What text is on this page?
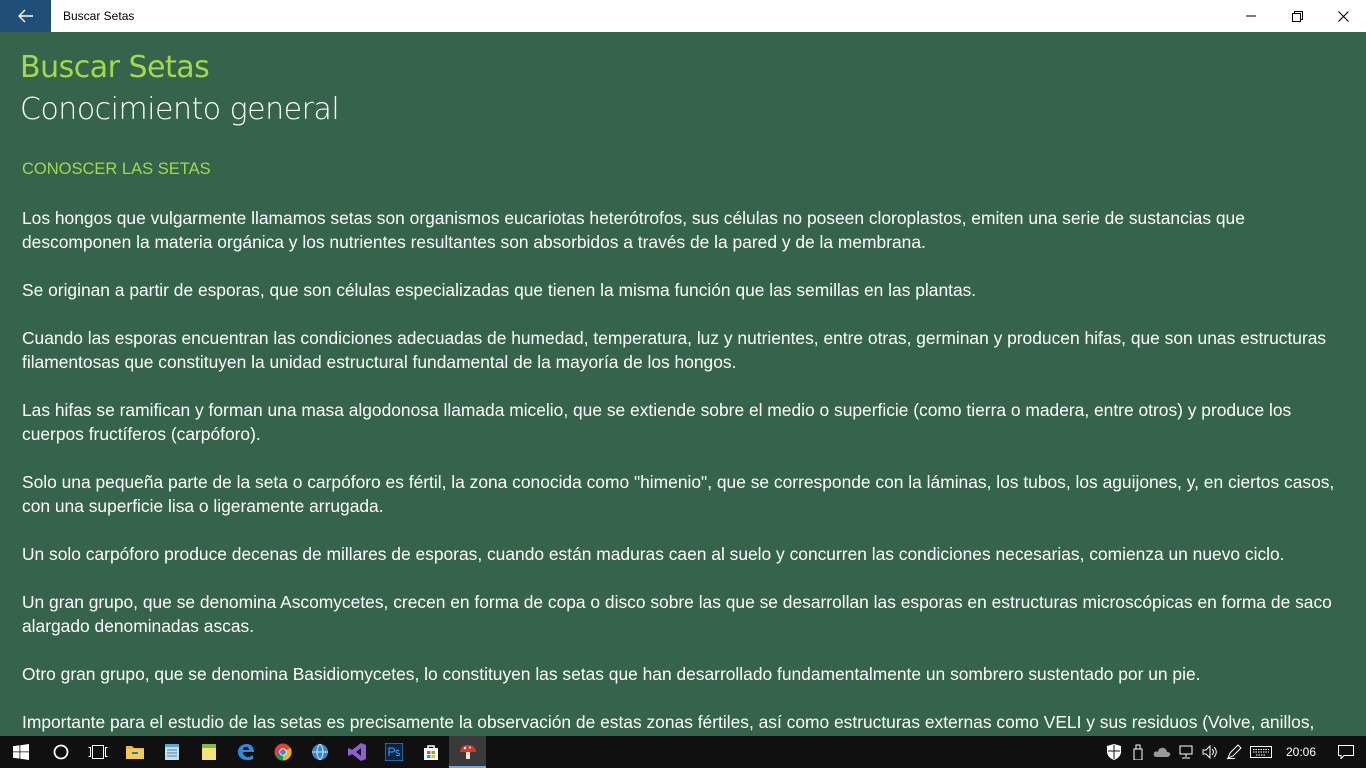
Buscar Setas
Buscar Setas
Conocimiento general
CONOSCER LAS SETAS

Los hongos que vulgarmente llamamos setas son organismos eucariotas heterótrofos, sus células no poseen cloroplastos, emiten una serie de sustancias que descomponen la materia orgánica y los nutrientes resultantes son absorbidos a través de la pared y de la membrana.

Se originan a partir de esporas, que son células especializadas que tienen la misma función que las semillas en las plantas.

Cuando las esporas encuentran las condiciones adecuadas de humedad, temperatura, luz y nutrientes, entre otras, germinan y producen hifas, que son unas estructuras filamentosas que constituyen la unidad estructural fundamental de la mayoría de los hongos.

Las hifas se ramifican y forman una masa algodonosa llamada micelio, que se extiende sobre el medio o superficie (como tierra o madera, entre otros) y produce los cuerpos fructíferos (carpóforo).

Solo una pequeña parte de la seta o carpóforo es fértil, la zona conocida como "himenio", que se corresponde con la láminas, los tubos, los aguijones, y, en ciertos casos, con una superficie lisa o ligeramente arrugada.

Un solo carpóforo produce decenas de millares de esporas, cuando están maduras caen al suelo y concurren las condiciones necesarias, comienza un nuevo ciclo.

Un gran grupo, que se denomina Ascomycetes, crecen en forma de copa o disco sobre las que se desarrollan las esporas en estructuras microscópicas en forma de saco alargado denominadas ascas.

Otro gran grupo, que se denomina Basidiomycetes, lo constituyen las setas que han desarrollado fundamentalmente un sombrero sustentado por un pie.

Importante para el estudio de las setas es precisamente la observación de estas zonas fértiles, así como estructuras externas como VELI y sus residuos (Volve, anillos,

20:06
